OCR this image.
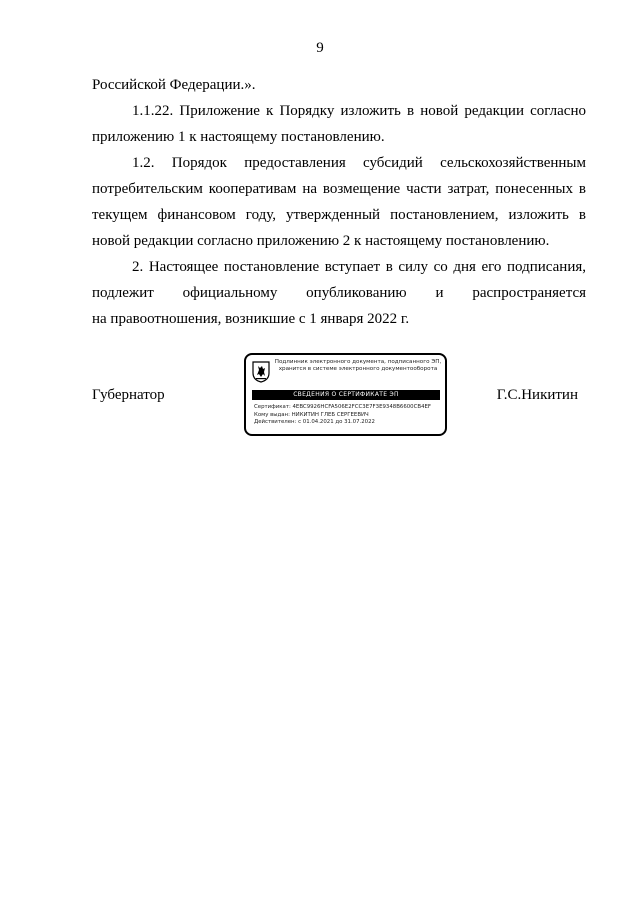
9

Российской Федерации.».

1.1.22. Приложение к Порядку изложить в новой редакции согласно приложению 1 к настоящему постановлению.

1.2. Порядок предоставления субсидий сельскохозяйственным потребительским кооперативам на возмещение части затрат, понесенных в текущем финансовом году, утвержденный постановлением, изложить в новой редакции согласно приложению 2 к настоящему постановлению.

2. Настоящее постановление вступает в силу со дня его подписания, подлежит официальному опубликованию и распространяется

на правоотношения, возникшие с 1 января 2022 г.

Губернатор
Подлинник электронного документа, подписанного ЭП,
хранится в системе электронного документооборота
СВЕДЕНИЯ О СЕРТИФИКАТЕ ЭП
Сертификат: 4EBC9926HCFA506E2FCC3E7F3E9348B6600CB4EF
Кому выдан: НИКИТИН ГЛЕБ СЕРГЕЕВИЧ
Действителен: с 01.04.2021 до 31.07.2022
Г.С.Никитин
